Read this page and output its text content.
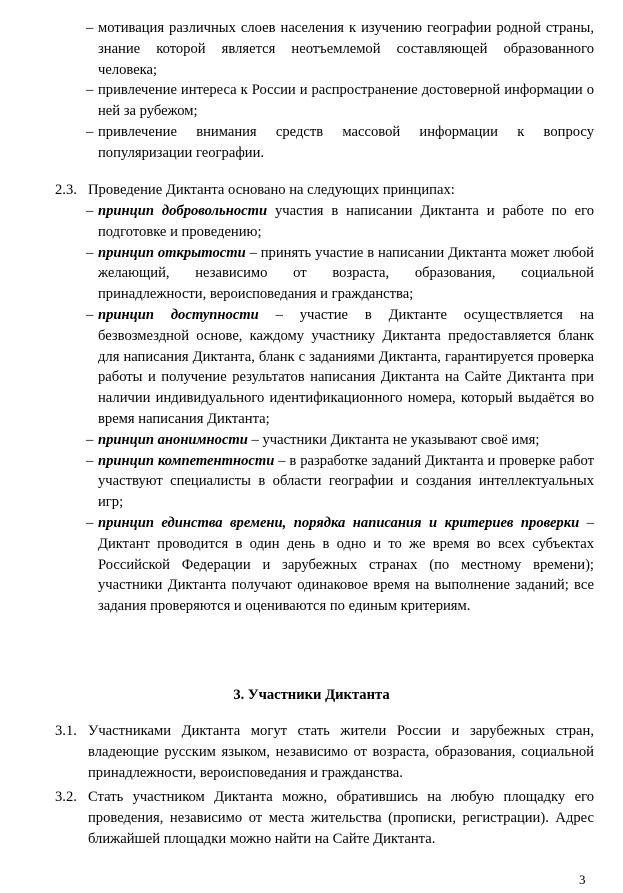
– мотивация различных слоев населения к изучению географии родной страны, знание которой является неотъемлемой составляющей образованного человека;
– привлечение интереса к России и распространение достоверной информации о ней за рубежом;
– привлечение внимания средств массовой информации к вопросу популяризации географии.
2.3. Проведение Диктанта основано на следующих принципах:
– принцип добровольности участия в написании Диктанта и работе по его подготовке и проведению;
– принцип открытости – принять участие в написании Диктанта может любой желающий, независимо от возраста, образования, социальной принадлежности, вероисповедания и гражданства;
– принцип доступности – участие в Диктанте осуществляется на безвозмездной основе, каждому участнику Диктанта предоставляется бланк для написания Диктанта, бланк с заданиями Диктанта, гарантируется проверка работы и получение результатов написания Диктанта на Сайте Диктанта при наличии индивидуального идентификационного номера, который выдаётся во время написания Диктанта;
– принцип анонимности – участники Диктанта не указывают своё имя;
– принцип компетентности – в разработке заданий Диктанта и проверке работ участвуют специалисты в области географии и создания интеллектуальных игр;
– принцип единства времени, порядка написания и критериев проверки – Диктант проводится в один день в одно и то же время во всех субъектах Российской Федерации и зарубежных странах (по местному времени); участники Диктанта получают одинаковое время на выполнение заданий; все задания проверяются и оцениваются по единым критериям.
3. Участники Диктанта
3.1. Участниками Диктанта могут стать жители России и зарубежных стран, владеющие русским языком, независимо от возраста, образования, социальной принадлежности, вероисповедания и гражданства.
3.2. Стать участником Диктанта можно, обратившись на любую площадку его проведения, независимо от места жительства (прописки, регистрации). Адрес ближайшей площадки можно найти на Сайте Диктанта.
3
